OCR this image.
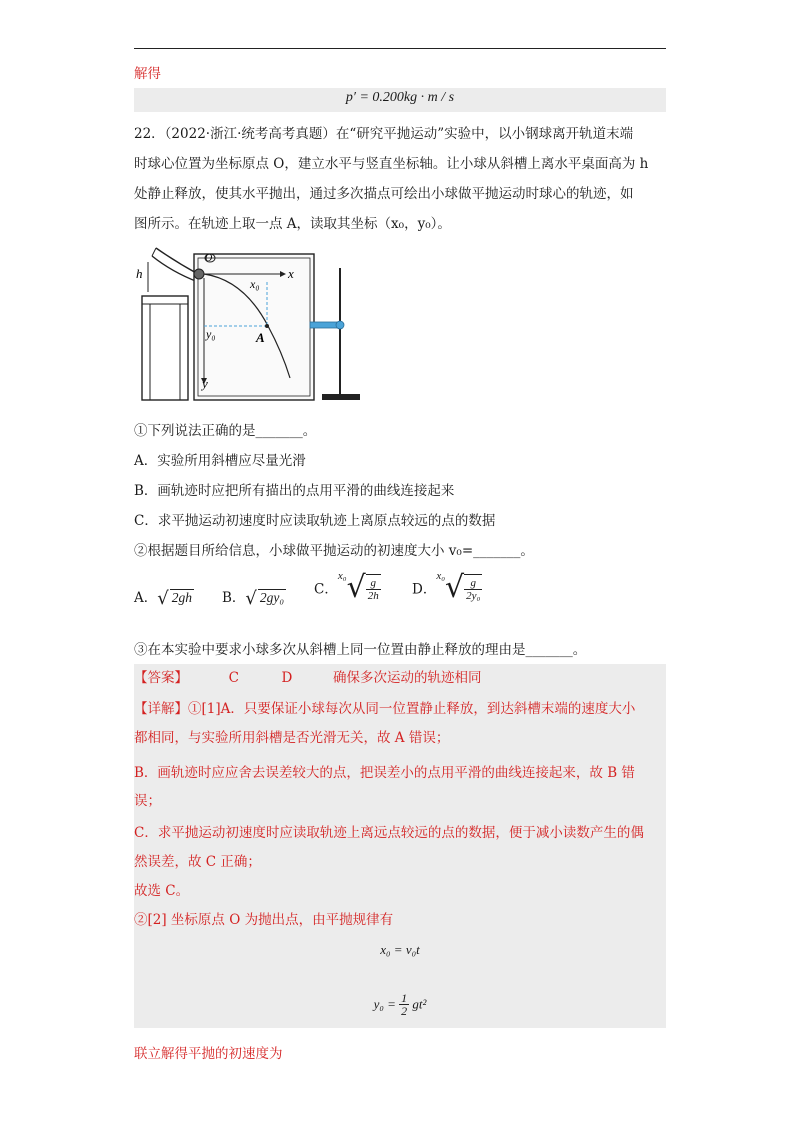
解得
p′ = 0.200kg · m / s
22．（2022·浙江·统考高考真题）在“研究平抛运动”实验中，以小钢球离开轨道末端
时球心位置为坐标原点 O，建立水平与竖直坐标轴。让小球从斜槽上离水平桌面高为 h
处静止释放，使其水平抛出，通过多次描点可绘出小球做平抛运动时球心的轨迹，如
图所示。在轨迹上取一点 A，读取其坐标（x₀，y₀）。
h
O
x
y
x₀
y₀	A
①下列说法正确的是_______。
A．实验所用斜槽应尽量光滑
B．画轨迹时应把所有描出的点用平滑的曲线连接起来
C．求平抛运动初速度时应读取轨迹上离原点较远的点的数据
②根据题目所给信息，小球做平抛运动的初速度大小 v₀=_______。
A．√ 2gh B．√ 2gy₀ C．$^{x_0}√ \frac{g}{2h}$ D．$^{x_0}√ \frac{g}{\text{2y₀}}$
③在本实验中要求小球多次从斜槽上同一位置由静止释放的理由是_______。
【答案】	C	D	确保多次运动的轨迹相同
【详解】①[1]A．只要保证小球每次从同一位置静止释放，到达斜槽末端的速度大小
都相同，与实验所用斜槽是否光滑无关，故 A 错误；
B．画轨迹时应应舍去误差较大的点，把误差小的点用平滑的曲线连接起来，故 B 错
误；
C．求平抛运动初速度时应读取轨迹上离远点较远的点的数据，便于减小读数产生的偶
然误差，故 C 正确；
故选 C。
②[2] 坐标原点 O 为抛出点，由平抛规律有
x₀ = v₀t
$y_0 = \frac{1}{2} gt^2$
联立解得平抛的初速度为
